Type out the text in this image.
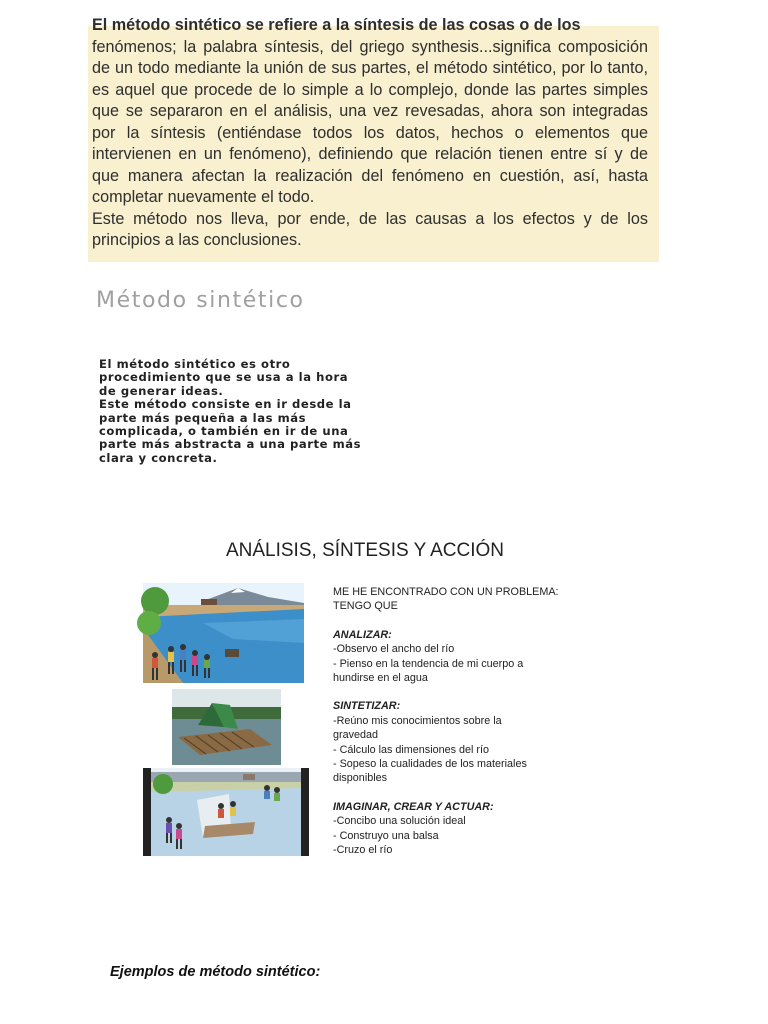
El método sintético se refiere a la síntesis de las cosas o de los

fenómenos; la palabra síntesis, del griego synthesis...significa composición de un todo mediante la unión de sus partes, el método sintético, por lo tanto, es aquel que procede de lo simple a lo complejo, donde las partes simples que se separaron en el análisis, una vez revesadas, ahora son integradas por la síntesis (entiéndase todos los datos, hechos o elementos que intervienen en un fenómeno), definiendo que relación tienen entre sí y de que manera afectan la realización del fenómeno en cuestión, así, hasta completar nuevamente el todo.

Este método nos lleva, por ende, de las causas a los efectos y de los principios a las conclusiones.

Método sintético
El método sintético es otro
procedimiento que se usa a la hora
de generar ideas.
Este método consiste en ir desde la
parte más pequeña a las más
complicada, o también en ir de una
parte más abstracta a una parte más
clara y concreta.
ANÁLISIS, SÍNTESIS Y ACCIÓN
ME HE ENCONTRADO CON UN PROBLEMA:
TENGO QUE
ANALIZAR:
-Observo el ancho del río
- Pienso en la tendencia de mi cuerpo a
hundirse en el agua
SINTETIZAR:
-Reúno mis conocimientos sobre la
gravedad
- Cálculo las dimensiones del río
- Sopeso la cualidades de los materiales
disponibles
IMAGINAR, CREAR Y ACTUAR:
-Concibo una solución ideal
- Construyo una balsa
-Cruzo el río
Ejemplos de método sintético:
